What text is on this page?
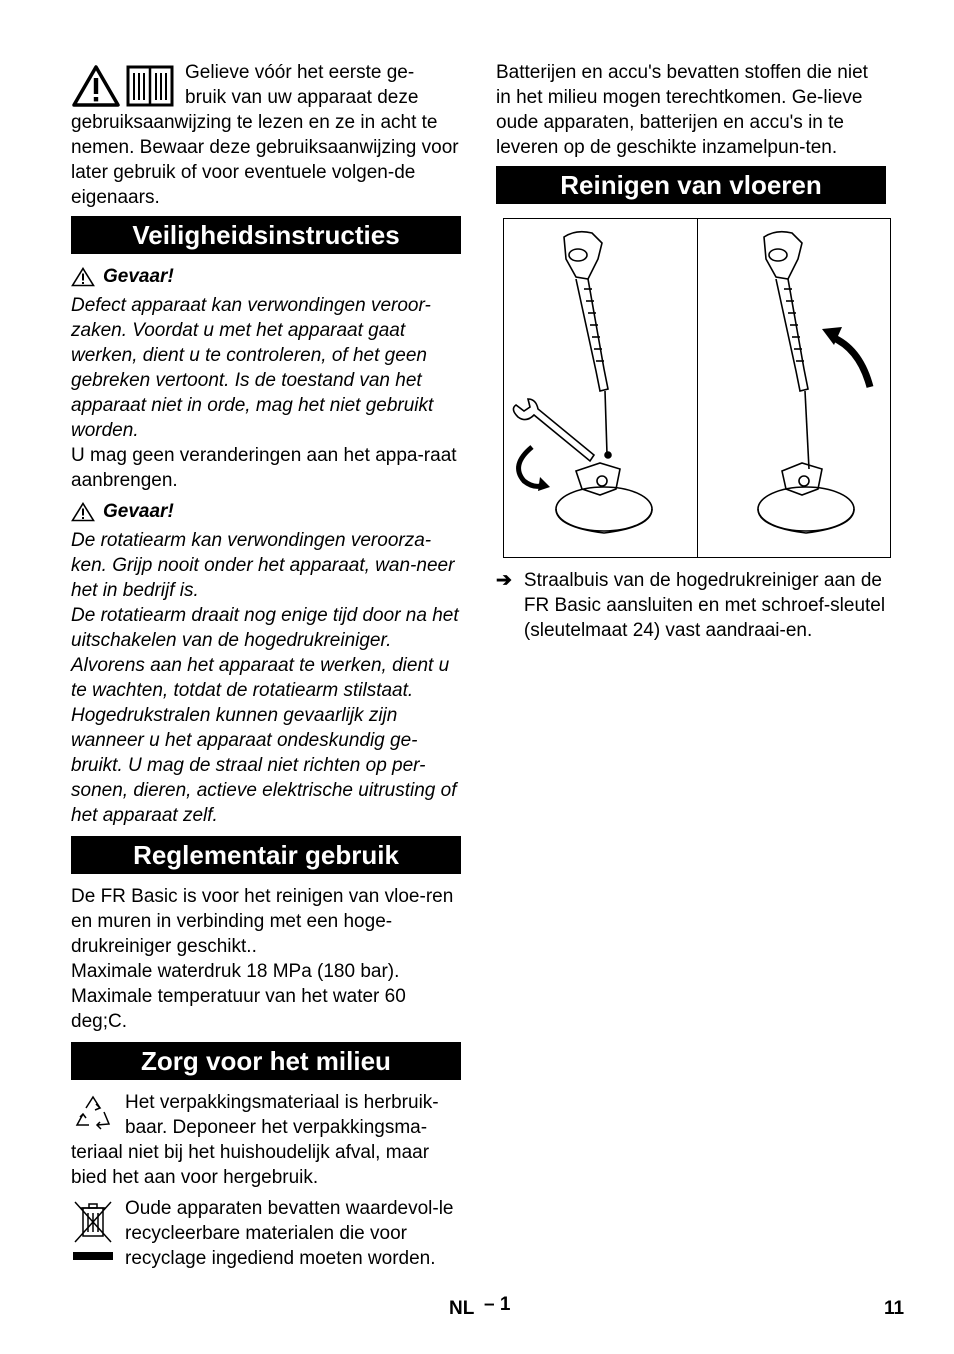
Gelieve vóór het eerste ge-

bruik van uw apparaat deze

gebruiksaanwijzing te lezen en ze in acht te nemen. Bewaar deze gebruiksaanwijzing voor later gebruik of voor eventuele volgen-de eigenaars.

Veiligheidsinstructies
Gevaar!

Defect apparaat kan verwondingen veroor-zaken. Voordat u met het apparaat gaat werken, dient u te controleren, of het geen gebreken vertoont. Is de toestand van het apparaat niet in orde, mag het niet gebruikt worden.

U mag geen veranderingen aan het appa-raat aanbrengen.

Gevaar!

De rotatiearm kan verwondingen veroorza-ken. Grijp nooit onder het apparaat, wan-neer het in bedrijf is.

De rotatiearm draait nog enige tijd door na het uitschakelen van de hogedrukreiniger. Alvorens aan het apparaat te werken, dient u te wachten, totdat de rotatiearm stilstaat.

Hogedrukstralen kunnen gevaarlijk zijn wanneer u het apparaat ondeskundig ge-bruikt. U mag de straal niet richten op per-sonen, dieren, actieve elektrische uitrusting of het apparaat zelf.

Reglementair gebruik

De FR Basic is voor het reinigen van vloe-ren en muren in verbinding met een hoge-drukreiniger geschikt..

Maximale waterdruk 18 MPa (180 bar).

Maximale temperatuur van het water 60 deg;C.

Zorg voor het milieu

Het verpakkingsmateriaal is herbruik-baar. Deponeer het verpakkingsma-teriaal niet bij het huishoudelijk afval, maar bied het aan voor hergebruik.

Oude apparaten bevatten waardevol-le recycleerbare materialen die voor recyclage ingediend moeten worden.

Batterijen en accu's bevatten stoffen die niet in het milieu mogen terechtkomen. Ge-lieve oude apparaten, batterijen en accu's in te leveren op de geschikte inzamelpun-ten.

Reinigen van vloeren
➔ Straalbuis van de hogedrukreiniger aan de FR Basic aansluiten en met schroef-sleutel (sleutelmaat 24) vast aandraai-en.

NL – 1	11
